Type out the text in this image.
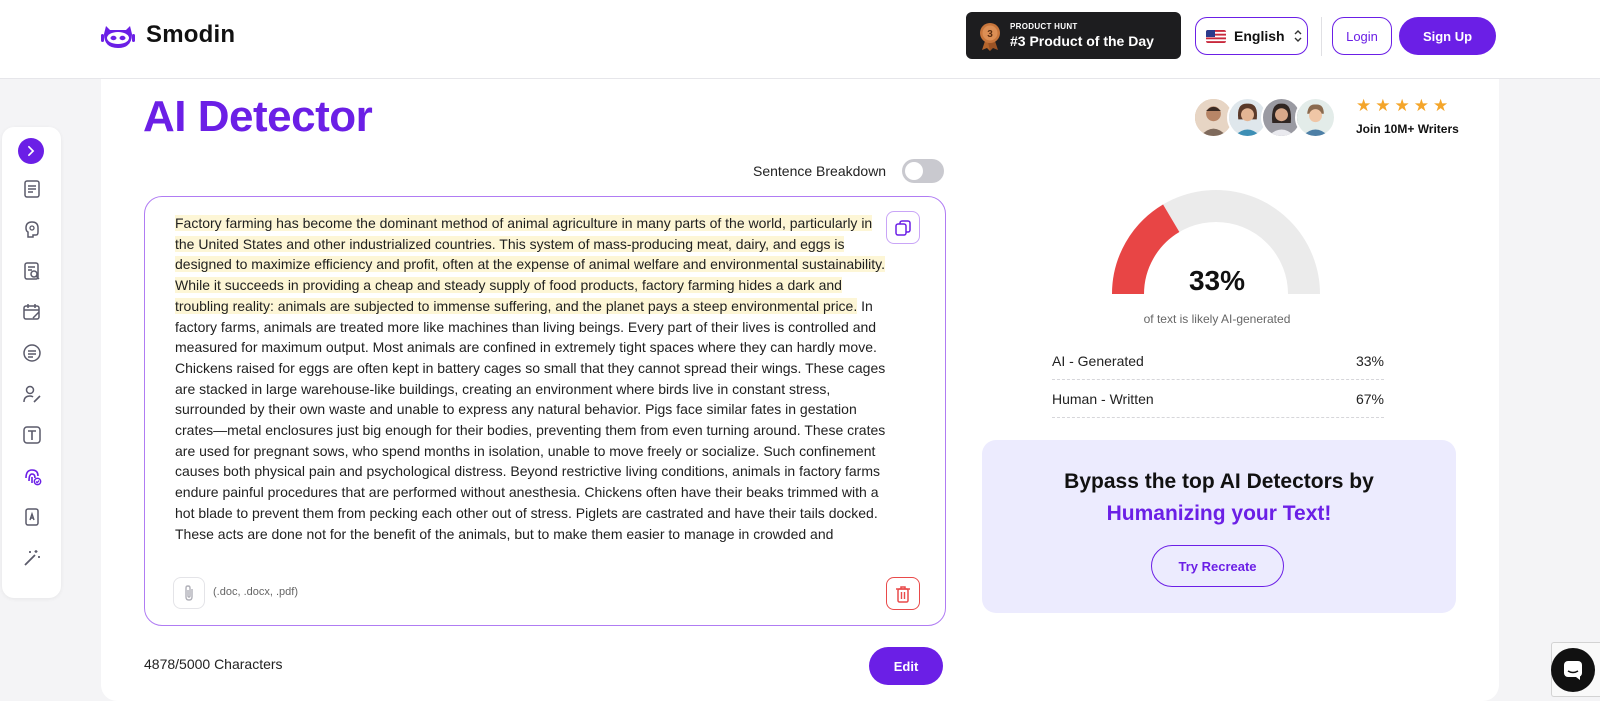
Smodin	3
PRODUCT HUNT
#3 Product of the Day	English	Login	Sign Up
AI Detector	★★★★★
Join 10M+ Writers
Sentence Breakdown
Factory farming has become the dominant method of animal agriculture in many parts of the world, particularly in the United States and other industrialized countries. This system of mass-producing meat, dairy, and eggs is designed to maximize efficiency and profit, often at the expense of animal welfare and environmental sustainability. While it succeeds in providing a cheap and steady supply of food products, factory farming hides a dark and troubling reality: animals are subjected to immense suffering, and the planet pays a steep environmental price. In factory farms, animals are treated more like machines than living beings. Every part of their lives is controlled and measured for maximum output. Most animals are confined in extremely tight spaces where they can hardly move. Chickens raised for eggs are often kept in battery cages so small that they cannot spread their wings. These cages are stacked in large warehouse-like buildings, creating an environment where birds live in constant stress, surrounded by their own waste and unable to express any natural behavior. Pigs face similar fates in gestation crates—metal enclosures just big enough for their bodies, preventing them from even turning around. These crates are used for pregnant sows, who spend months in isolation, unable to move freely or socialize. Such confinement causes both physical pain and psychological distress. Beyond restrictive living conditions, animals in factory farms endure painful procedures that are performed without anesthesia. Chickens often have their beaks trimmed with a hot blade to prevent them from pecking each other out of stress. Piglets are castrated and have their tails docked. These acts are done not for the benefit of the animals, but to make them easier to manage in crowded and
(.doc, .docx, .pdf)
4878/5000 Characters	Edit
33%
of text is likely AI-generated
AI - Generated	33%
Human - Written	67%
Bypass the top AI Detectors by
Humanizing your Text!
Try Recreate
